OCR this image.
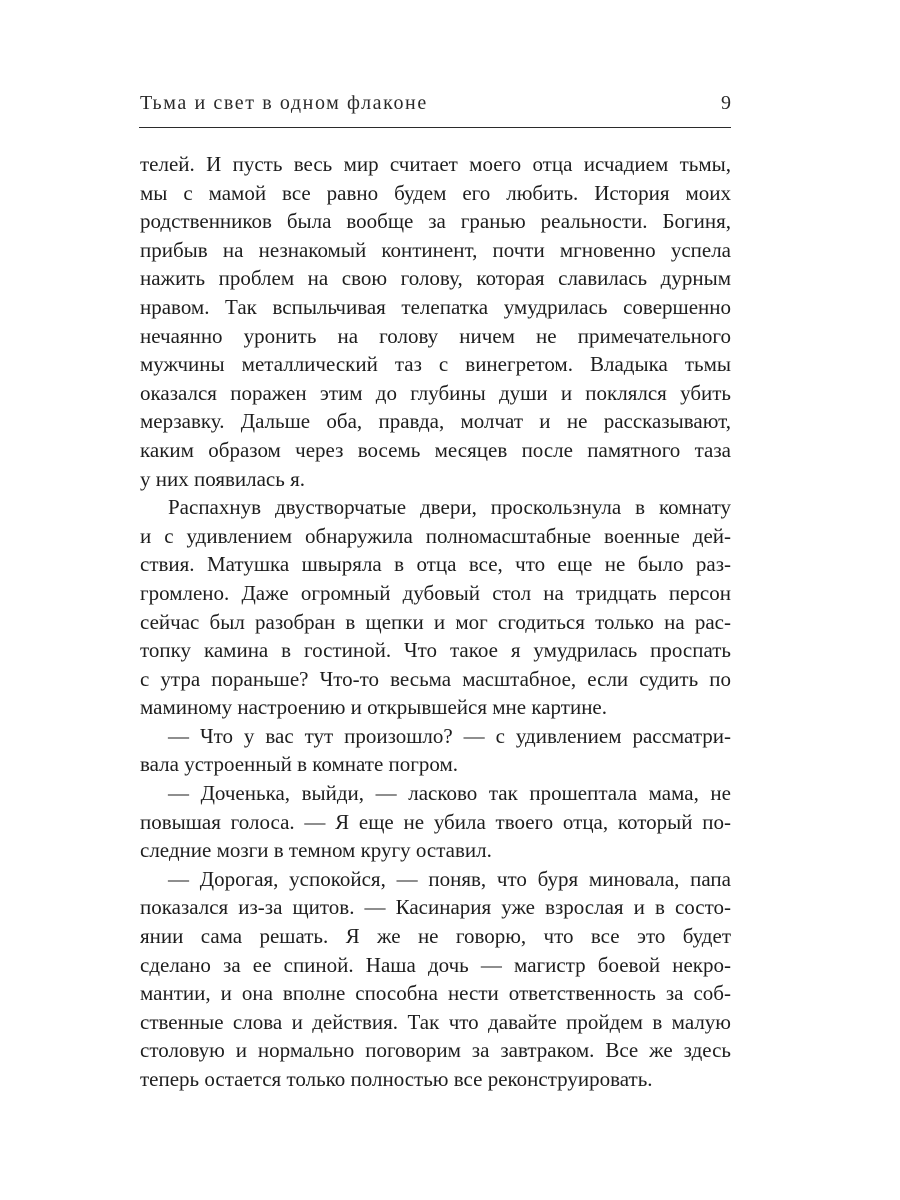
Тьма и свет в одном флаконе	9
телей. И пусть весь мир считает моего отца исчадием тьмы,
мы с мамой все равно будем его любить. История моих
родственников была вообще за гранью реальности. Богиня,
прибыв на незнакомый континент, почти мгновенно успела
нажить проблем на свою голову, которая славилась дурным
нравом. Так вспыльчивая телепатка умудрилась совершенно
нечаянно уронить на голову ничем не примечательного
мужчины металлический таз с винегретом. Владыка тьмы
оказался поражен этим до глубины души и поклялся убить
мерзавку. Дальше оба, правда, молчат и не рассказывают,
каким образом через восемь месяцев после памятного таза
у них появилась я.
Распахнув двустворчатые двери, проскользнула в комнату
и с удивлением обнаружила полномасштабные военные дей-
ствия. Матушка швыряла в отца все, что еще не было раз-
громлено. Даже огромный дубовый стол на тридцать персон
сейчас был разобран в щепки и мог сгодиться только на рас-
топку камина в гостиной. Что такое я умудрилась проспать
с утра пораньше? Что-то весьма масштабное, если судить по
маминому настроению и открывшейся мне картине.
— Что у вас тут произошло? — с удивлением рассматри-
вала устроенный в комнате погром.
— Доченька, выйди, — ласково так прошептала мама, не
повышая голоса. — Я еще не убила твоего отца, который по-
следние мозги в темном кругу оставил.
— Дорогая, успокойся, — поняв, что буря миновала, папа
показался из-за щитов. — Касинария уже взрослая и в состо-
янии сама решать. Я же не говорю, что все это будет
сделано за ее спиной. Наша дочь — магистр боевой некро-
мантии, и она вполне способна нести ответственность за соб-
ственные слова и действия. Так что давайте пройдем в малую
столовую и нормально поговорим за завтраком. Все же здесь
теперь остается только полностью все реконструировать.
